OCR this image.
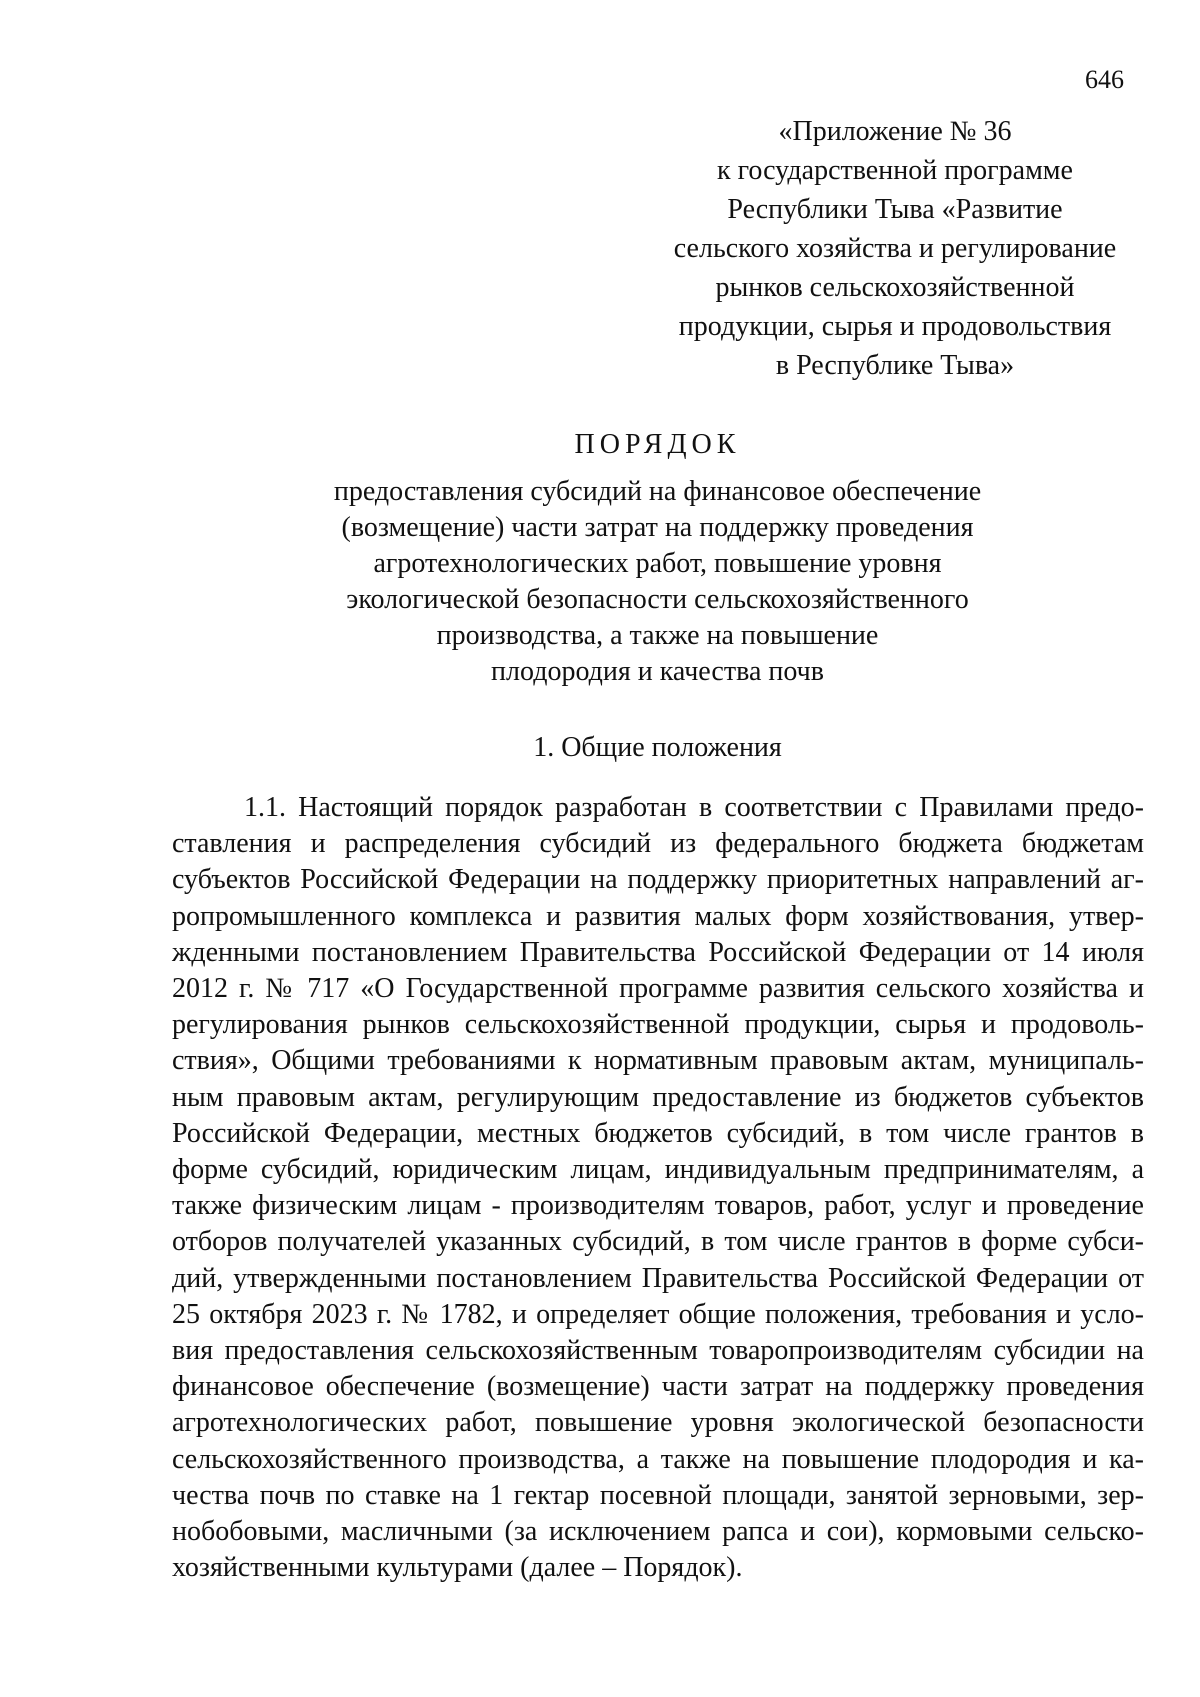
646
«Приложение № 36
к государственной программе
Республики Тыва «Развитие
сельского хозяйства и регулирование
рынков сельскохозяйственной
продукции, сырья и продовольствия
в Республике Тыва»
ПОРЯДОК
предоставления субсидий на финансовое обеспечение
(возмещение) части затрат на поддержку проведения
агротехнологических работ, повышение уровня
экологической безопасности сельскохозяйственного
производства, а также на повышение
плодородия и качества почв
1. Общие положения
1.1. Настоящий порядок разработан в соответствии с Правилами предо-
ставления и распределения субсидий из федерального бюджета бюджетам
субъектов Российской Федерации на поддержку приоритетных направлений аг-
ропромышленного комплекса и развития малых форм хозяйствования, утвер-
жденными постановлением Правительства Российской Федерации от 14 июля
2012 г. № 717 «О Государственной программе развития сельского хозяйства и
регулирования рынков сельскохозяйственной продукции, сырья и продоволь-
ствия», Общими требованиями к нормативным правовым актам, муниципаль-
ным правовым актам, регулирующим предоставление из бюджетов субъектов
Российской Федерации, местных бюджетов субсидий, в том числе грантов в
форме субсидий, юридическим лицам, индивидуальным предпринимателям, а
также физическим лицам - производителям товаров, работ, услуг и проведение
отборов получателей указанных субсидий, в том числе грантов в форме субси-
дий, утвержденными постановлением Правительства Российской Федерации от
25 октября 2023 г. № 1782, и определяет общие положения, требования и усло-
вия предоставления сельскохозяйственным товаропроизводителям субсидии на
финансовое обеспечение (возмещение) части затрат на поддержку проведения
агротехнологических работ, повышение уровня экологической безопасности
сельскохозяйственного производства, а также на повышение плодородия и ка-
чества почв по ставке на 1 гектар посевной площади, занятой зерновыми, зер-
нобобовыми, масличными (за исключением рапса и сои), кормовыми сельско-
хозяйственными культурами (далее – Порядок).
